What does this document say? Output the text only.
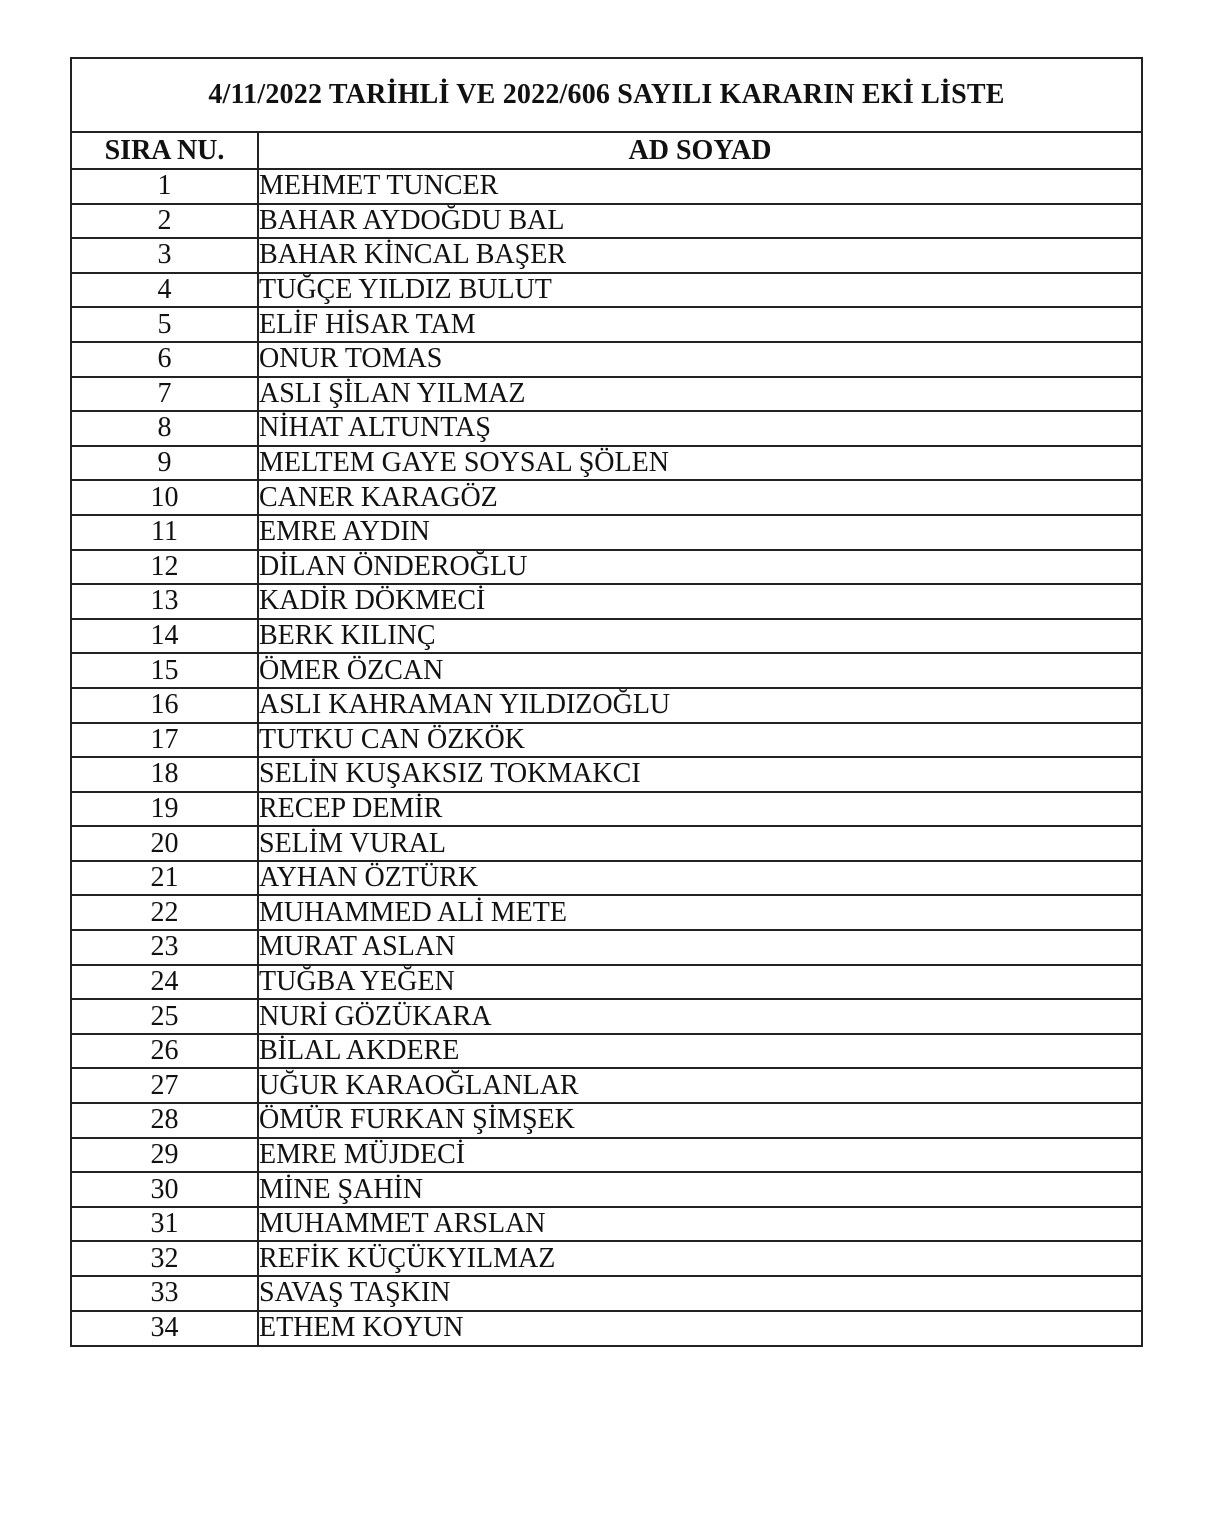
4/11/2022 TARİHLİ VE 2022/606 SAYILI KARARIN EKİ LİSTE
SIRA NU.	AD SOYAD
1	MEHMET TUNCER
2	BAHAR AYDOĞDU BAL
3	BAHAR KİNCAL BAŞER
4	TUĞÇE YILDIZ BULUT
5	ELİF HİSAR TAM
6	ONUR TOMAS
7	ASLI ŞİLAN YILMAZ
8	NİHAT ALTUNTAŞ
9	MELTEM GAYE SOYSAL ŞÖLEN
10	CANER KARAGÖZ
11	EMRE AYDIN
12	DİLAN ÖNDEROĞLU
13	KADİR DÖKMECİ
14	BERK KILINÇ
15	ÖMER ÖZCAN
16	ASLI KAHRAMAN YILDIZOĞLU
17	TUTKU CAN ÖZKÖK
18	SELİN KUŞAKSIZ TOKMAKCI
19	RECEP DEMİR
20	SELİM VURAL
21	AYHAN ÖZTÜRK
22	MUHAMMED ALİ METE
23	MURAT ASLAN
24	TUĞBA YEĞEN
25	NURİ GÖZÜKARA
26	BİLAL AKDERE
27	UĞUR KARAOĞLANLAR
28	ÖMÜR FURKAN ŞİMŞEK
29	EMRE MÜJDECİ
30	MİNE ŞAHİN
31	MUHAMMET ARSLAN
32	REFİK KÜÇÜKYILMAZ
33	SAVAŞ TAŞKIN
34	ETHEM KOYUN
